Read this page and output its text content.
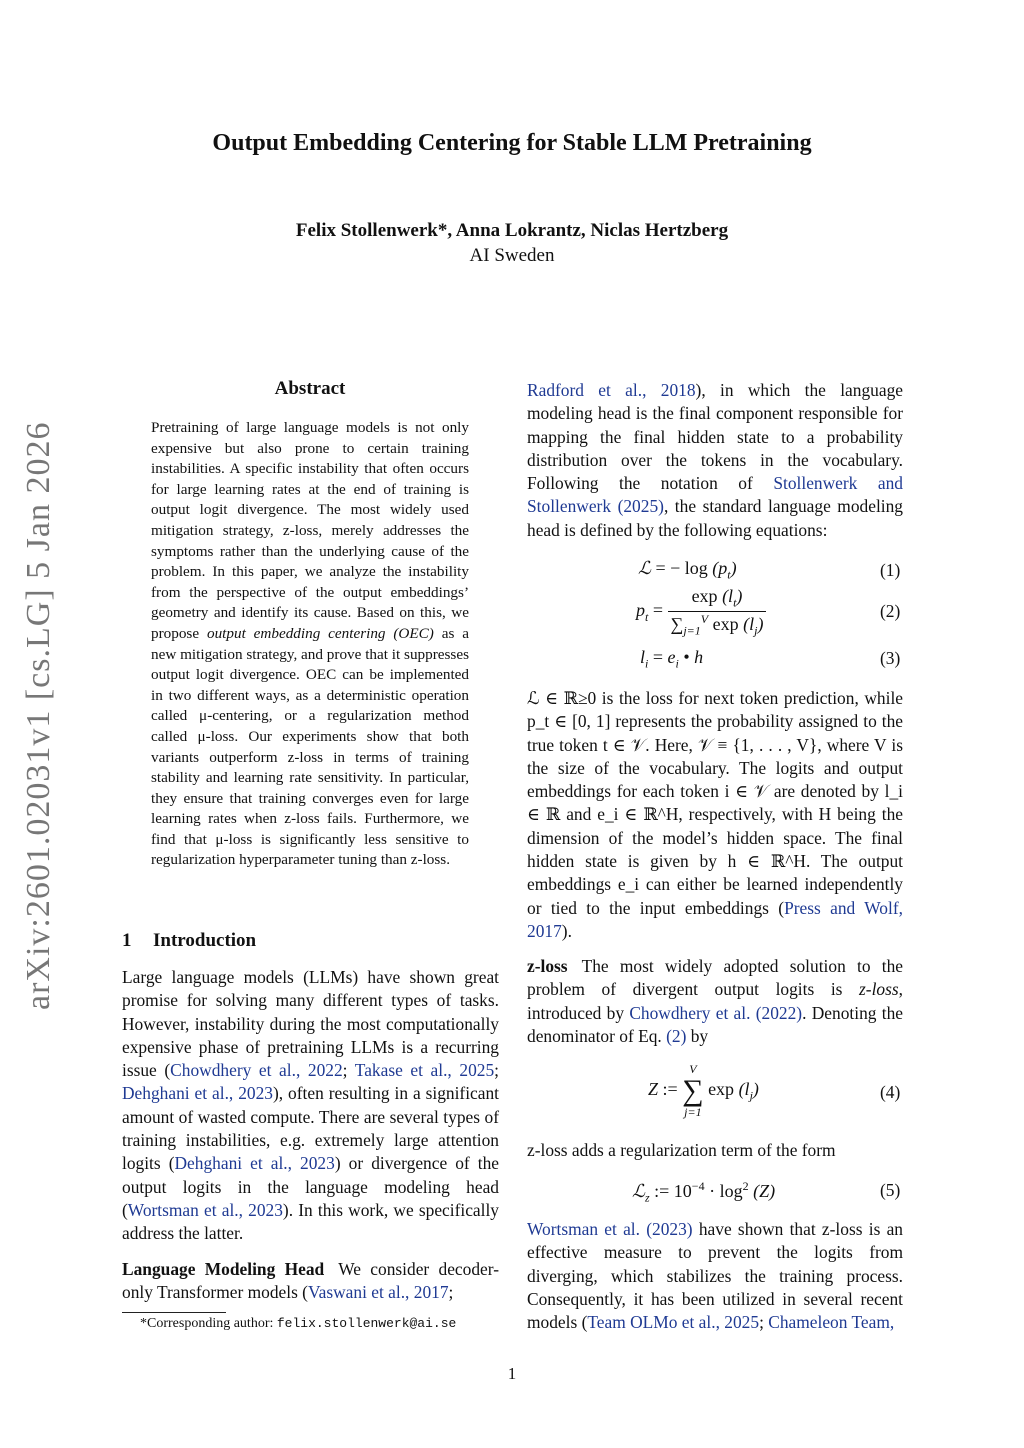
arXiv:2601.02031v1 [cs.LG] 5 Jan 2026
Output Embedding Centering for Stable LLM Pretraining
Felix Stollenwerk*, Anna Lokrantz, Niclas Hertzberg
AI Sweden
Abstract
Pretraining of large language models is not only expensive but also prone to certain training instabilities. A specific instability that often occurs for large learning rates at the end of training is output logit divergence. The most widely used mitigation strategy, z-loss, merely addresses the symptoms rather than the underlying cause of the problem. In this paper, we analyze the instability from the perspective of the output embeddings’ geometry and identify its cause. Based on this, we propose output embedding centering (OEC) as a new mitigation strategy, and prove that it suppresses output logit divergence. OEC can be implemented in two different ways, as a deterministic operation called μ-centering, or a regularization method called μ-loss. Our experiments show that both variants outperform z-loss in terms of training stability and learning rate sensitivity. In particular, they ensure that training converges even for large learning rates when z-loss fails. Furthermore, we find that μ-loss is significantly less sensitive to regularization hyperparameter tuning than z-loss.
1 Introduction

Large language models (LLMs) have shown great promise for solving many different types of tasks. However, instability during the most computationally expensive phase of pretraining LLMs is a recurring issue (Chowdhery et al., 2022; Takase et al., 2025; Dehghani et al., 2023), often resulting in a significant amount of wasted compute. There are several types of training instabilities, e.g. extremely large attention logits (Dehghani et al., 2023) or divergence of the output logits in the language modeling head (Wortsman et al., 2023). In this work, we specifically address the latter.

Language Modeling Head We consider decoder-only Transformer models (Vaswani et al., 2017;

*Corresponding author: felix.stollenwerk@ai.se
1

Radford et al., 2018), in which the language modeling head is the final component responsible for mapping the final hidden state to a probability distribution over the tokens in the vocabulary. Following the notation of Stollenwerk and Stollenwerk (2025), the standard language modeling head is defined by the following equations:

ℒ = − $\log (p_t)$	(1)
$p_t = \frac{\exp (l_t)}{\sum_{j=1}^V \exp (l_j)}$	(2)
$l_i = e_i$ • h	(3)

ℒ ∈ ℝ≥0 is the loss for next token prediction, while p_t ∈ [0, 1] represents the probability assigned to the true token t ∈ 𝒱. Here, 𝒱 ≡ {1, . . . , V}, where V is the size of the vocabulary. The logits and output embeddings for each token i ∈ 𝒱 are denoted by l_i ∈ ℝ and e_i ∈ ℝ^H, respectively, with H being the dimension of the model’s hidden space. The final hidden state is given by h ∈ ℝ^H. The output embeddings e_i can either be learned independently or tied to the input embeddings (Press and Wolf, 2017).

z-loss The most widely adopted solution to the problem of divergent output logits is z-loss, introduced by Chowdhery et al. (2022). Denoting the denominator of Eq. (2) by

Z :=
V
∑
j=1
$\exp (l_j)$	(4)
z-loss adds a regularization term of the form
ℒ$_z$ := $10^{-4} \cdot \log^2 (Z)$	(5)

Wortsman et al. (2023) have shown that z-loss is an effective measure to prevent the logits from diverging, which stabilizes the training process. Consequently, it has been utilized in several recent models (Team OLMo et al., 2025; Chameleon Team,
